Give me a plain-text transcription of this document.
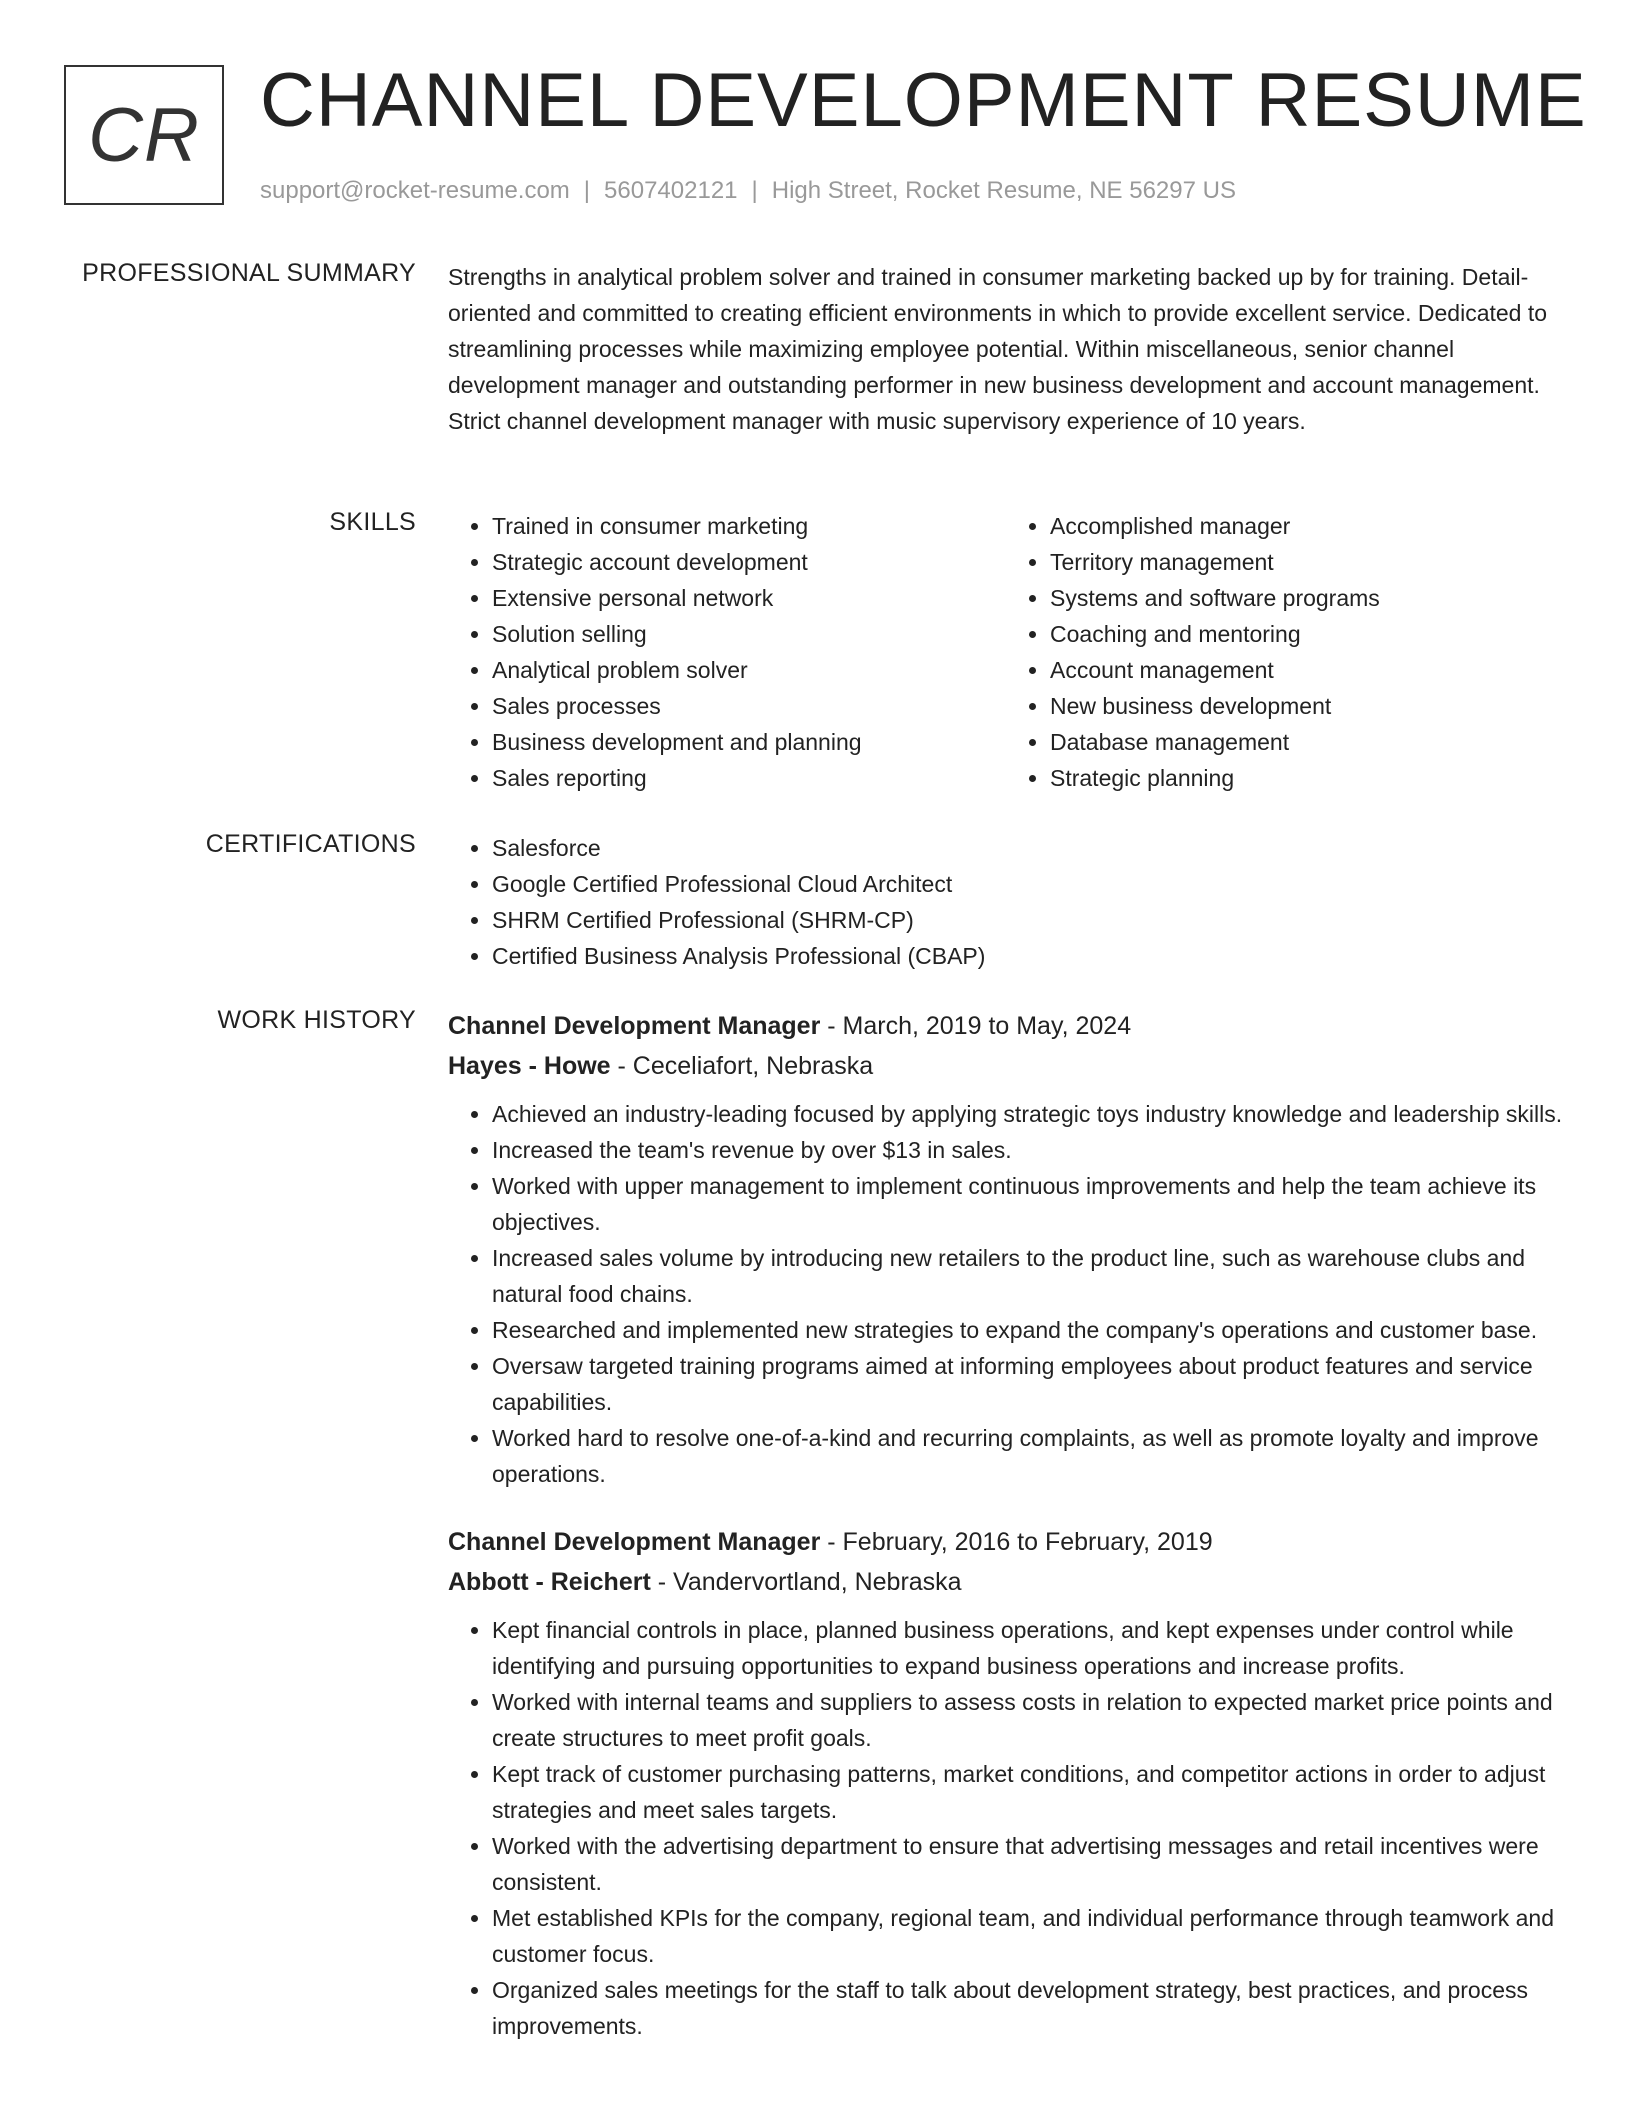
CR CHANNEL DEVELOPMENT RESUME
support@rocket-resume.com | 5607402121 | High Street, Rocket Resume, NE 56297 US
PROFESSIONAL SUMMARY Strengths in analytical problem solver and trained in consumer marketing backed up by for training. Detail-oriented and committed to creating efficient environments in which to provide excellent service. Dedicated to streamlining processes while maximizing employee potential. Within miscellaneous, senior channel development manager and outstanding performer in new business development and account management. Strict channel development manager with music supervisory experience of 10 years.
SKILLS	• Trained in consumer marketing
• Strategic account development
• Extensive personal network
• Solution selling
• Analytical problem solver
• Sales processes
• Business development and planning
• Sales reporting
• Accomplished manager
• Territory management
• Systems and software programs
• Coaching and mentoring
• Account management
• New business development
• Database management
• Strategic planning
CERTIFICATIONS	• Salesforce
• Google Certified Professional Cloud Architect
• SHRM Certified Professional (SHRM-CP)
• Certified Business Analysis Professional (CBAP)
WORK HISTORY Channel Development Manager - March, 2019 to May, 2024
Hayes - Howe - Ceceliafort, Nebraska
• Achieved an industry-leading focused by applying strategic toys industry knowledge and leadership skills.
• Increased the team's revenue by over $13 in sales.
• Worked with upper management to implement continuous improvements and help the team achieve its objectives.
• Increased sales volume by introducing new retailers to the product line, such as warehouse clubs and natural food chains.
• Researched and implemented new strategies to expand the company's operations and customer base.
• Oversaw targeted training programs aimed at informing employees about product features and service capabilities.
• Worked hard to resolve one-of-a-kind and recurring complaints, as well as promote loyalty and improve operations.
Channel Development Manager - February, 2016 to February, 2019
Abbott - Reichert - Vandervortland, Nebraska
• Kept financial controls in place, planned business operations, and kept expenses under control while identifying and pursuing opportunities to expand business operations and increase profits.
• Worked with internal teams and suppliers to assess costs in relation to expected market price points and create structures to meet profit goals.
• Kept track of customer purchasing patterns, market conditions, and competitor actions in order to adjust strategies and meet sales targets.
• Worked with the advertising department to ensure that advertising messages and retail incentives were consistent.
• Met established KPIs for the company, regional team, and individual performance through teamwork and customer focus.
• Organized sales meetings for the staff to talk about development strategy, best practices, and process improvements.
